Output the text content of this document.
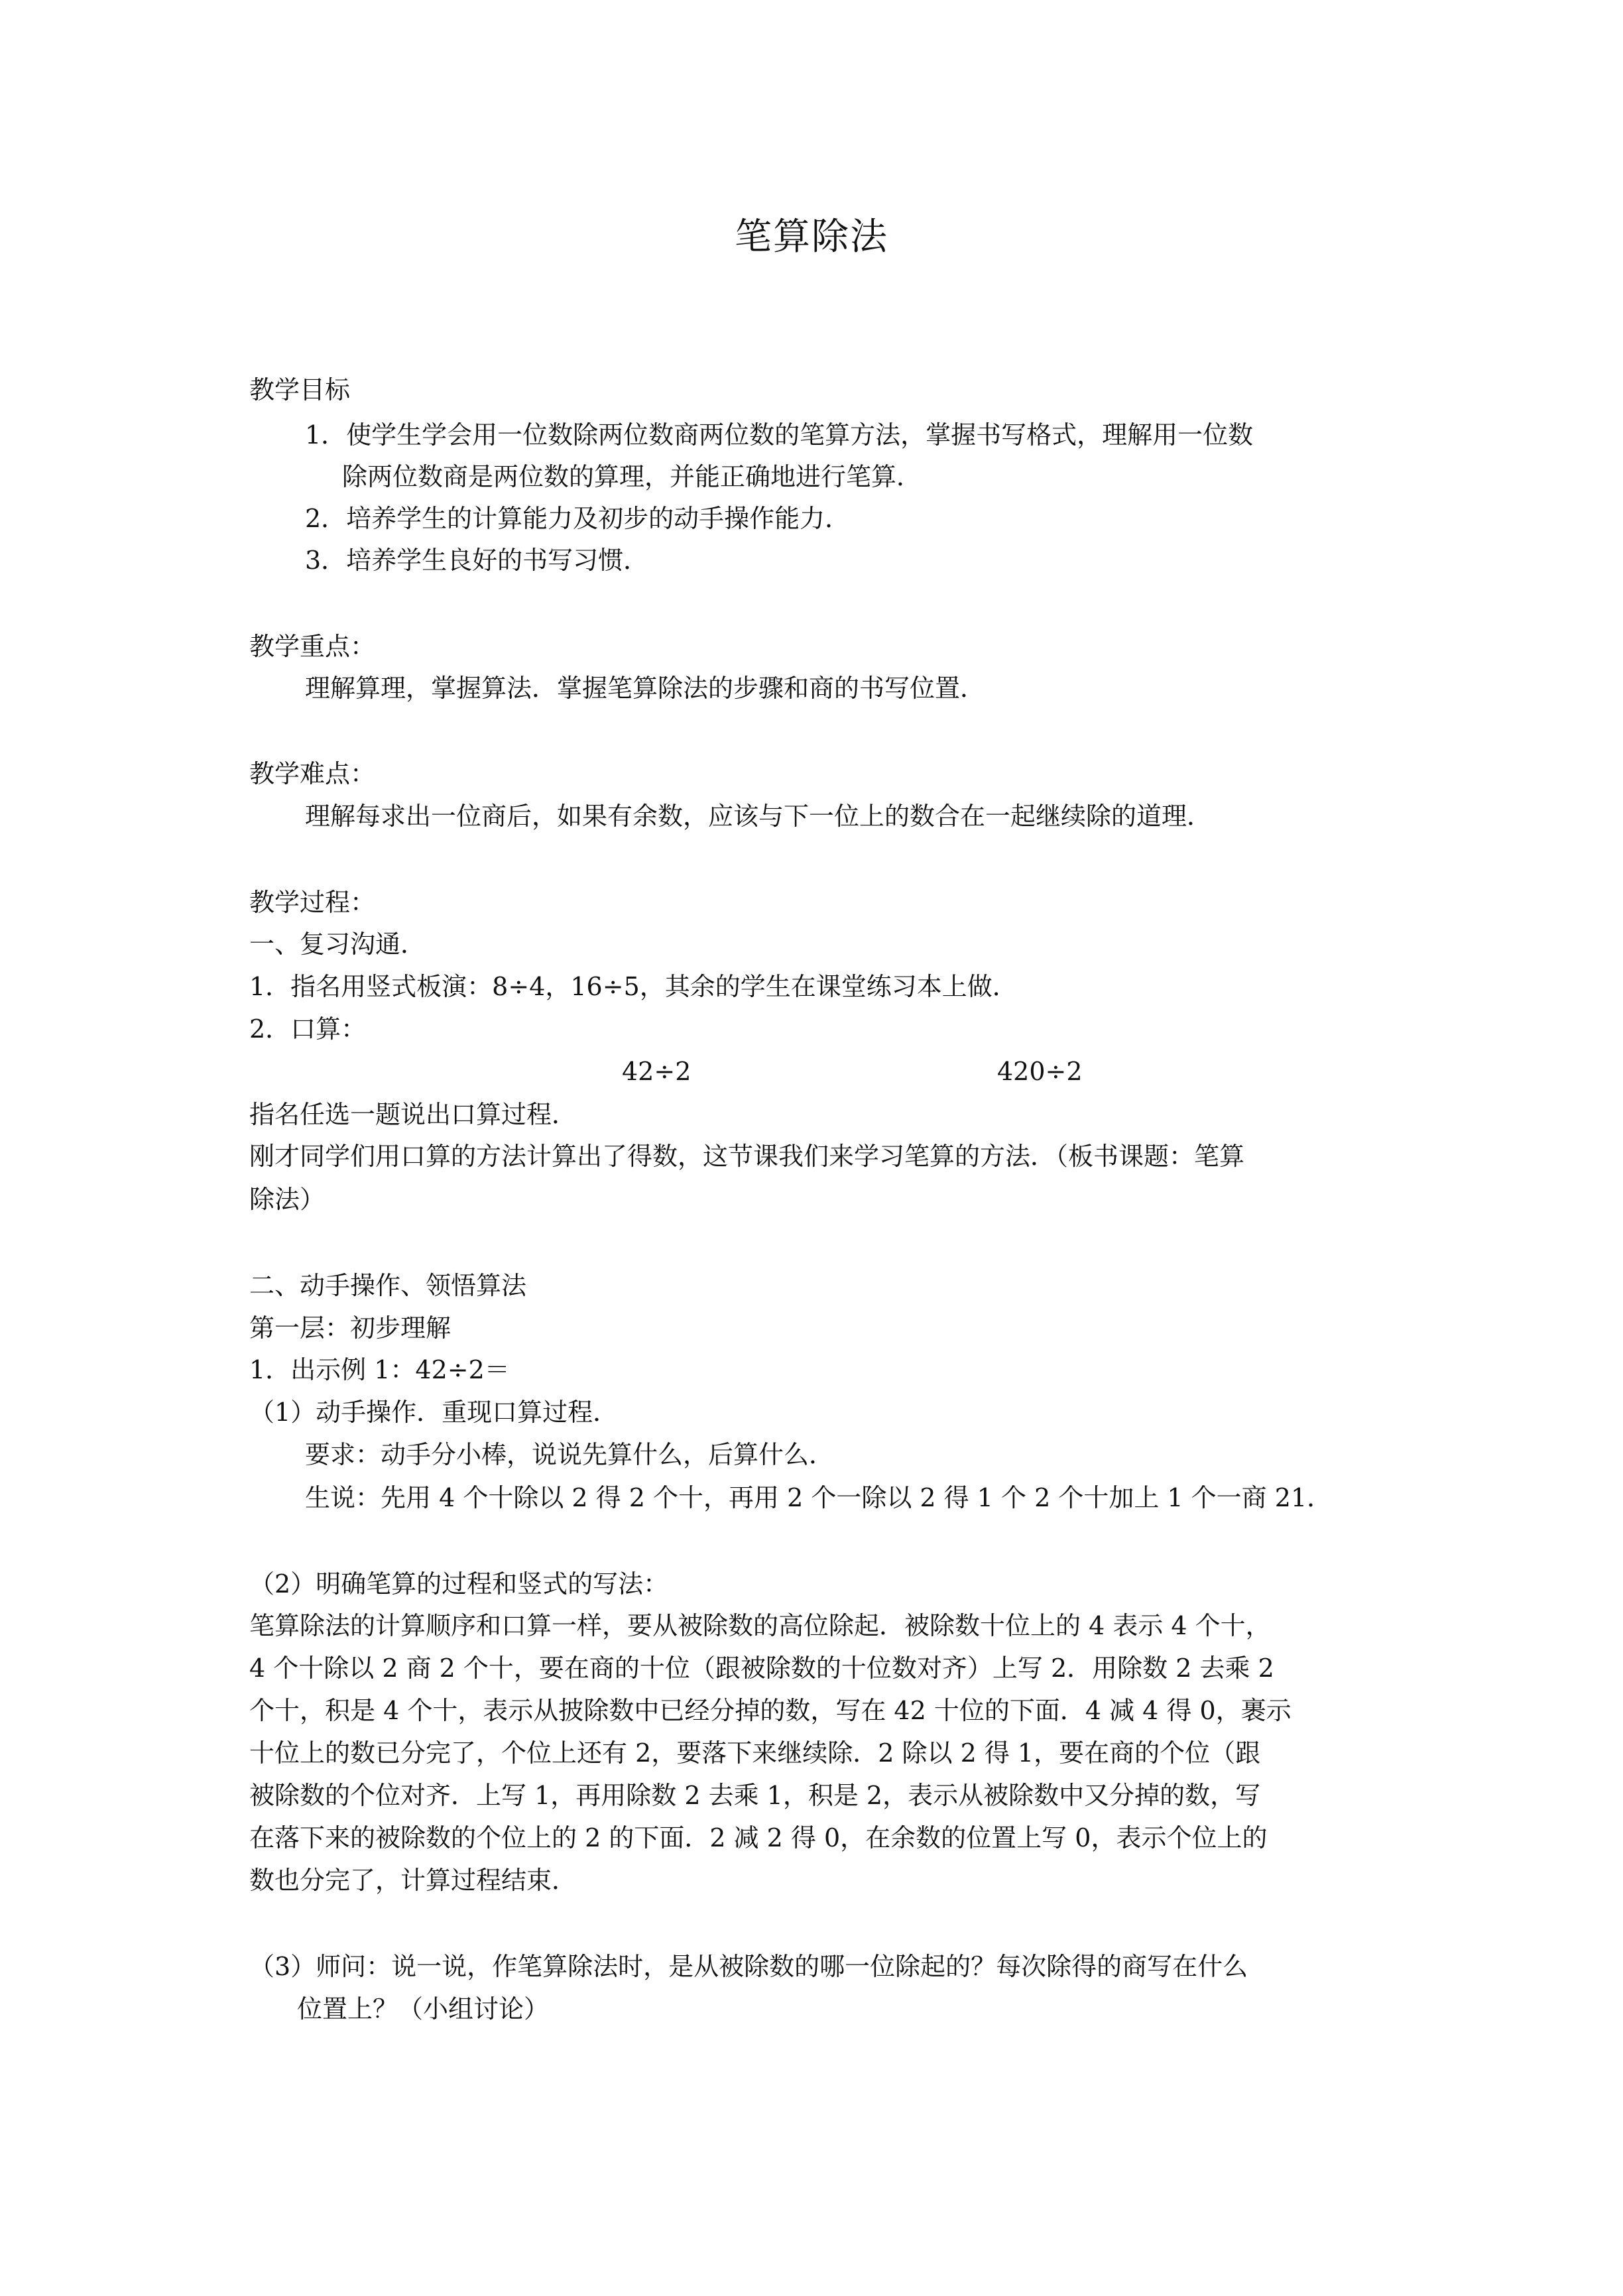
笔算除法
教学目标
1．使学生学会用一位数除两位数商两位数的笔算方法，掌握书写格式，理解用一位数
除两位数商是两位数的算理，并能正确地进行笔算．
2．培养学生的计算能力及初步的动手操作能力．
3．培养学生良好的书写习惯．
教学重点：
理解算理，掌握算法．掌握笔算除法的步骤和商的书写位置．
教学难点：
理解每求出一位商后，如果有余数，应该与下一位上的数合在一起继续除的道理．
教学过程：
一、复习沟通．
1．指名用竖式板演：8÷4，16÷5，其余的学生在课堂练习本上做．
2．口算：
42÷2	420÷2
指名任选一题说出口算过程．
刚才同学们用口算的方法计算出了得数，这节课我们来学习笔算的方法．（板书课题：笔算
除法）
二、动手操作、领悟算法
第一层：初步理解
1．出示例 1：42÷2＝
（1）动手操作．重现口算过程．
要求：动手分小棒，说说先算什么，后算什么．
生说：先用 4 个十除以 2 得 2 个十，再用 2 个一除以 2 得 1 个 2 个十加上 1 个一商 21．
（2）明确笔算的过程和竖式的写法：
笔算除法的计算顺序和口算一样，要从被除数的高位除起．被除数十位上的 4 表示 4 个十，
4 个十除以 2 商 2 个十，要在商的十位（跟被除数的十位数对齐）上写 2．用除数 2 去乘 2
个十，积是 4 个十，表示从披除数中已经分掉的数，写在 42 十位的下面．4 减 4 得 0，裹示
十位上的数已分完了，个位上还有 2，要落下来继续除．2 除以 2 得 1，要在商的个位（跟
被除数的个位对齐．上写 1，再用除数 2 去乘 1，积是 2，表示从被除数中又分掉的数，写
在落下来的被除数的个位上的 2 的下面．2 减 2 得 0，在余数的位置上写 0，表示个位上的
数也分完了，计算过程结束．
（3）师问：说一说，作笔算除法时，是从被除数的哪一位除起的？每次除得的商写在什么
位置上？（小组讨论）
